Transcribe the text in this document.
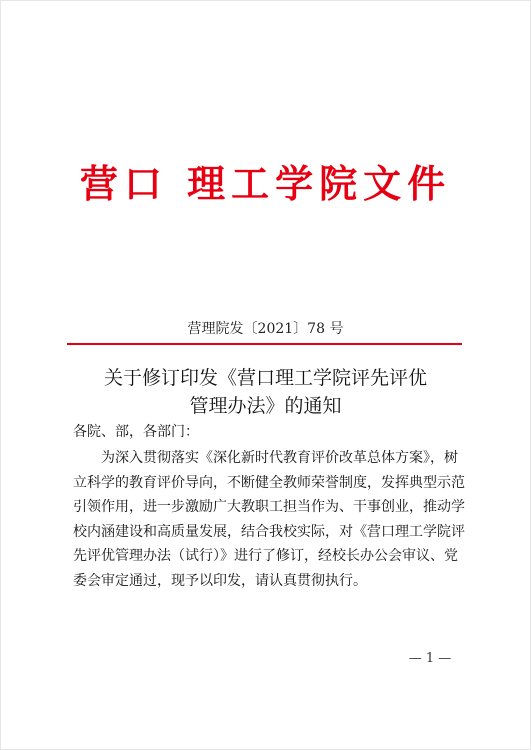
营口 理工学院文件
营理院发〔2021〕78 号
关于修订印发《营口理工学院评先评优
管理办法》的通知
各院、部，各部门：
为深入贯彻落实《深化新时代教育评价改革总体方案》，树
立科学的教育评价导向，不断健全教师荣誉制度，发挥典型示范
引领作用，进一步激励广大教职工担当作为、干事创业，推动学
校内涵建设和高质量发展，结合我校实际，对《营口理工学院评
先评优管理办法（试行）》进行了修订，经校长办公会审议、党
委会审定通过，现予以印发，请认真贯彻执行。
— 1 —
